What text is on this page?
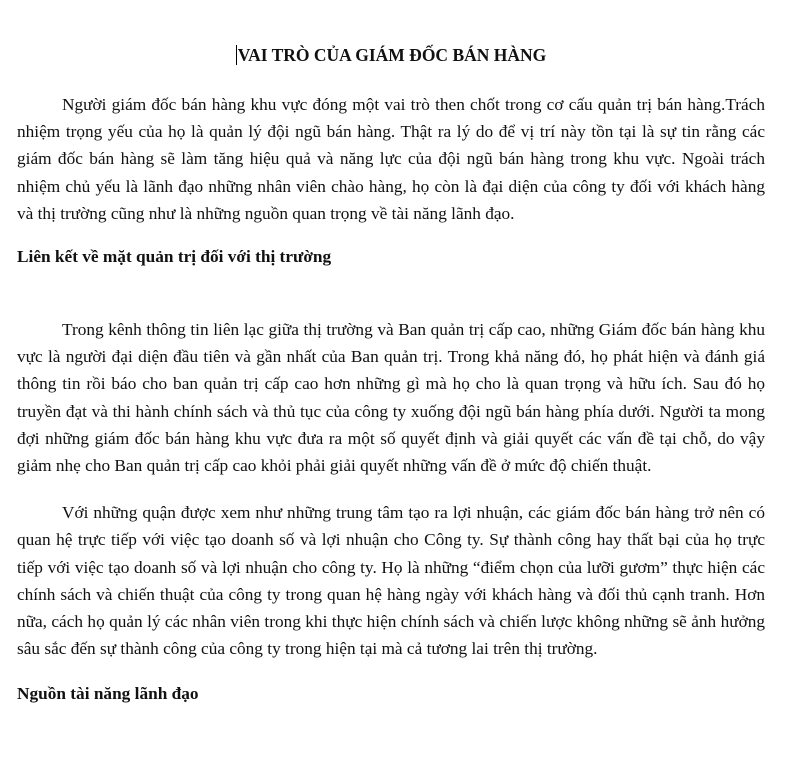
VAI TRÒ CỦA GIÁM ĐỐC BÁN HÀNG

Người giám đốc bán hàng khu vực đóng một vai trò then chốt trong cơ cấu quản trị bán hàng.Trách nhiệm trọng yếu của họ là quản lý đội ngũ bán hàng. Thật ra lý do để vị trí này tồn tại là sự tin rằng các giám đốc bán hàng sẽ làm tăng hiệu quả và năng lực của đội ngũ bán hàng trong khu vực. Ngoài trách nhiệm chủ yếu là lãnh đạo những nhân viên chào hàng, họ còn là đại diện của công ty đối với khách hàng và thị trường cũng như là những nguồn quan trọng về tài năng lãnh đạo.

Liên kết về mặt quản trị đối với thị trường

Trong kênh thông tin liên lạc giữa thị trường và Ban quản trị cấp cao, những Giám đốc bán hàng khu vực là người đại diện đầu tiên và gần nhất của Ban quản trị. Trong khả năng đó, họ phát hiện và đánh giá thông tin rồi báo cho ban quản trị cấp cao hơn những gì mà họ cho là quan trọng và hữu ích. Sau đó họ truyền đạt và thi hành chính sách và thủ tục của công ty xuống đội ngũ bán hàng phía dưới. Người ta mong đợi những giám đốc bán hàng khu vực đưa ra một số quyết định và giải quyết các vấn đề tại chỗ, do vậy giảm nhẹ cho Ban quản trị cấp cao khỏi phải giải quyết những vấn đề ở mức độ chiến thuật.

Với những quận được xem như những trung tâm tạo ra lợi nhuận, các giám đốc bán hàng trở nên có quan hệ trực tiếp với việc tạo doanh số và lợi nhuận cho Công ty. Sự thành công hay thất bại của họ trực tiếp với việc tạo doanh số và lợi nhuận cho công ty. Họ là những “điểm chọn của lưỡi gươm” thực hiện các chính sách và chiến thuật của công ty trong quan hệ hàng ngày với khách hàng và đối thủ cạnh tranh. Hơn nữa, cách họ quản lý các nhân viên trong khi thực hiện chính sách và chiến lược không những sẽ ảnh hưởng sâu sắc đến sự thành công của công ty trong hiện tại mà cả tương lai trên thị trường.

Nguồn tài năng lãnh đạo
